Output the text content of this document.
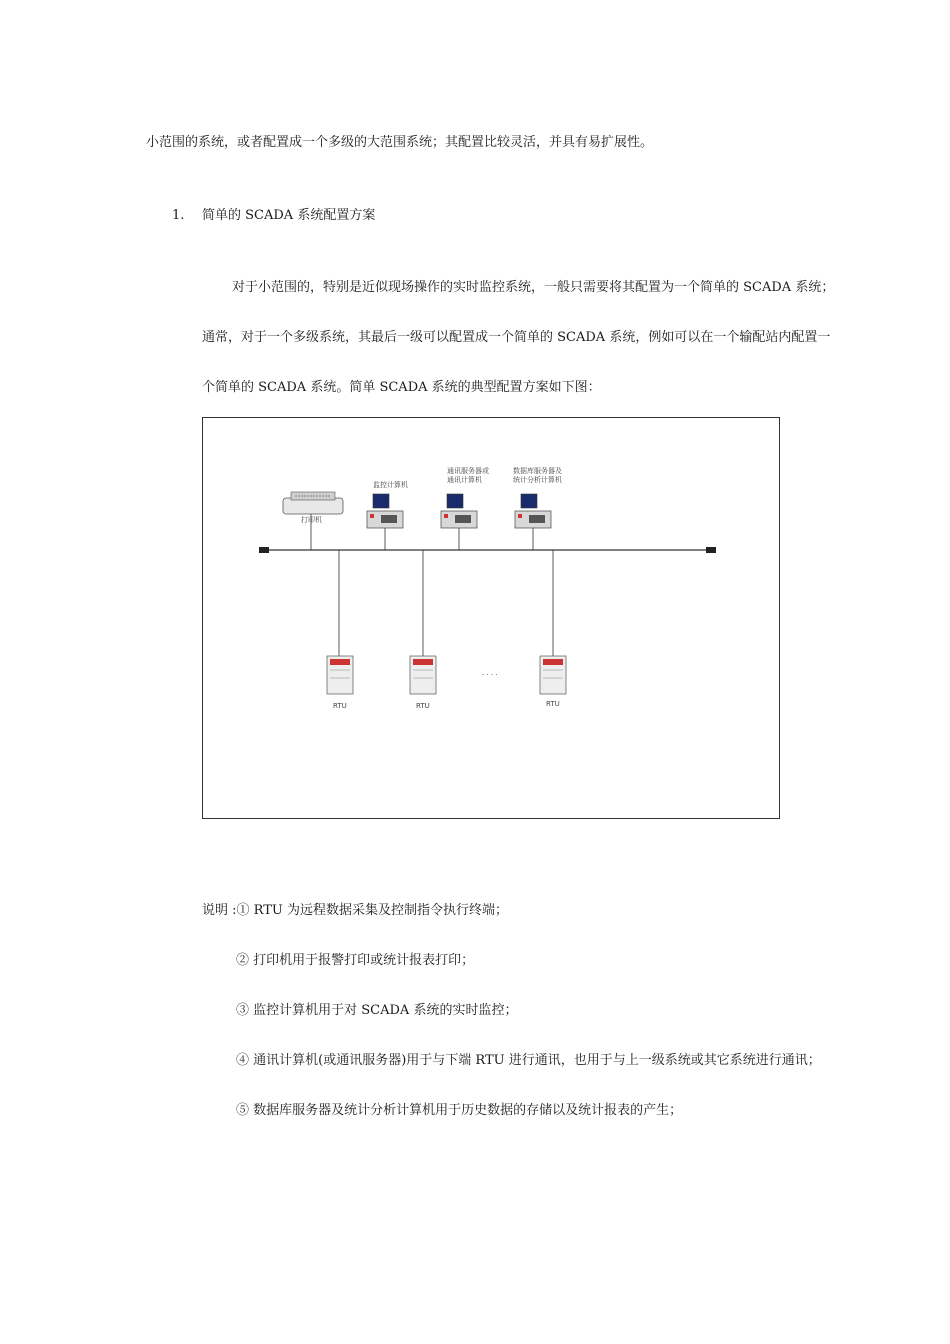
小范围的系统，或者配置成一个多级的大范围系统；其配置比较灵活，并具有易扩展性。
1. 简单的 SCADA 系统配置方案
对于小范围的，特别是近似现场操作的实时监控系统，一般只需要将其配置为一个简单的 SCADA 系统；
通常，对于一个多级系统，其最后一级可以配置成一个简单的 SCADA 系统，例如可以在一个输配站内配置一
个简单的 SCADA 系统。简单 SCADA 系统的典型配置方案如下图：
打印机
监控计算机
通讯服务器或
通讯计算机
数据库服务器及
统计分析计算机
RTU	RTU
· · · ·
RTU
说明 :① RTU 为远程数据采集及控制指令执行终端；
② 打印机用于报警打印或统计报表打印；
③ 监控计算机用于对 SCADA 系统的实时监控；
④ 通讯计算机(或通讯服务器)用于与下端 RTU 进行通讯，也用于与上一级系统或其它系统进行通讯；
⑤ 数据库服务器及统计分析计算机用于历史数据的存储以及统计报表的产生；
